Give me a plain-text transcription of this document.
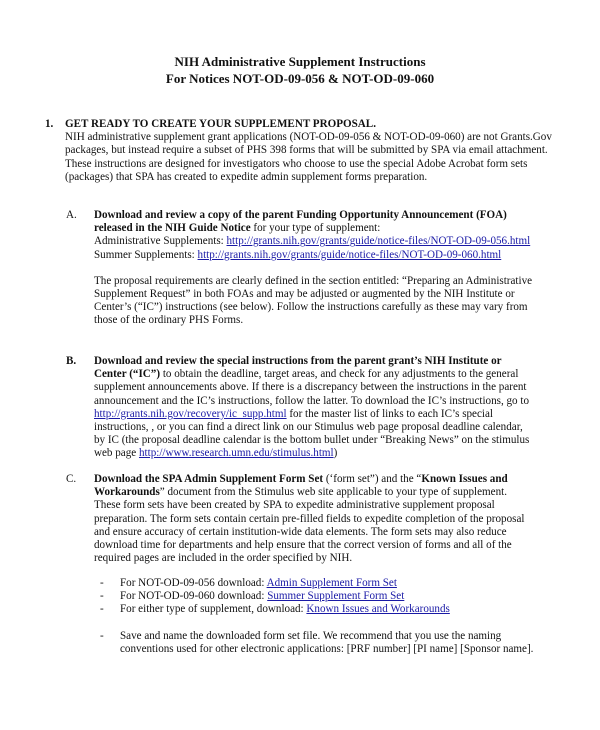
NIH Administrative Supplement Instructions
For Notices NOT-OD-09-056 & NOT-OD-09-060
1. GET READY TO CREATE YOUR SUPPLEMENT PROPOSAL.
NIH administrative supplement grant applications (NOT-OD-09-056 & NOT-OD-09-060) are not Grants.Gov packages, but instead require a subset of PHS 398 forms that will be submitted by SPA via email attachment. These instructions are designed for investigators who choose to use the special Adobe Acrobat form sets (packages) that SPA has created to expedite admin supplement forms preparation.
A. Download and review a copy of the parent Funding Opportunity Announcement (FOA) released in the NIH Guide Notice for your type of supplement:
Administrative Supplements: http://grants.nih.gov/grants/guide/notice-files/NOT-OD-09-056.html
Summer Supplements: http://grants.nih.gov/grants/guide/notice-files/NOT-OD-09-060.html
The proposal requirements are clearly defined in the section entitled: “Preparing an Administrative Supplement Request” in both FOAs and may be adjusted or augmented by the NIH Institute or Center’s (“IC”) instructions (see below). Follow the instructions carefully as these may vary from those of the ordinary PHS Forms.
B. Download and review the special instructions from the parent grant’s NIH Institute or Center (“IC”) to obtain the deadline, target areas, and check for any adjustments to the general supplement announcements above. If there is a discrepancy between the instructions in the parent announcement and the IC’s instructions, follow the latter. To download the IC’s instructions, go to http://grants.nih.gov/recovery/ic_supp.html for the master list of links to each IC’s special instructions, , or you can find a direct link on our Stimulus web page proposal deadline calendar, by IC (the proposal deadline calendar is the bottom bullet under “Breaking News” on the stimulus web page http://www.research.umn.edu/stimulus.html)
C. Download the SPA Admin Supplement Form Set (‘form set”) and the “Known Issues and Workarounds” document from the Stimulus web site applicable to your type of supplement. These form sets have been created by SPA to expedite administrative supplement proposal preparation. The form sets contain certain pre-filled fields to expedite completion of the proposal and ensure accuracy of certain institution-wide data elements. The form sets may also reduce download time for departments and help ensure that the correct version of forms and all of the required pages are included in the order specified by NIH.
- For NOT-OD-09-056 download: Admin Supplement Form Set
- For NOT-OD-09-060 download: Summer Supplement Form Set
- For either type of supplement, download: Known Issues and Workarounds
- Save and name the downloaded form set file. We recommend that you use the naming conventions used for other electronic applications: [PRF number] [PI name] [Sponsor name].
